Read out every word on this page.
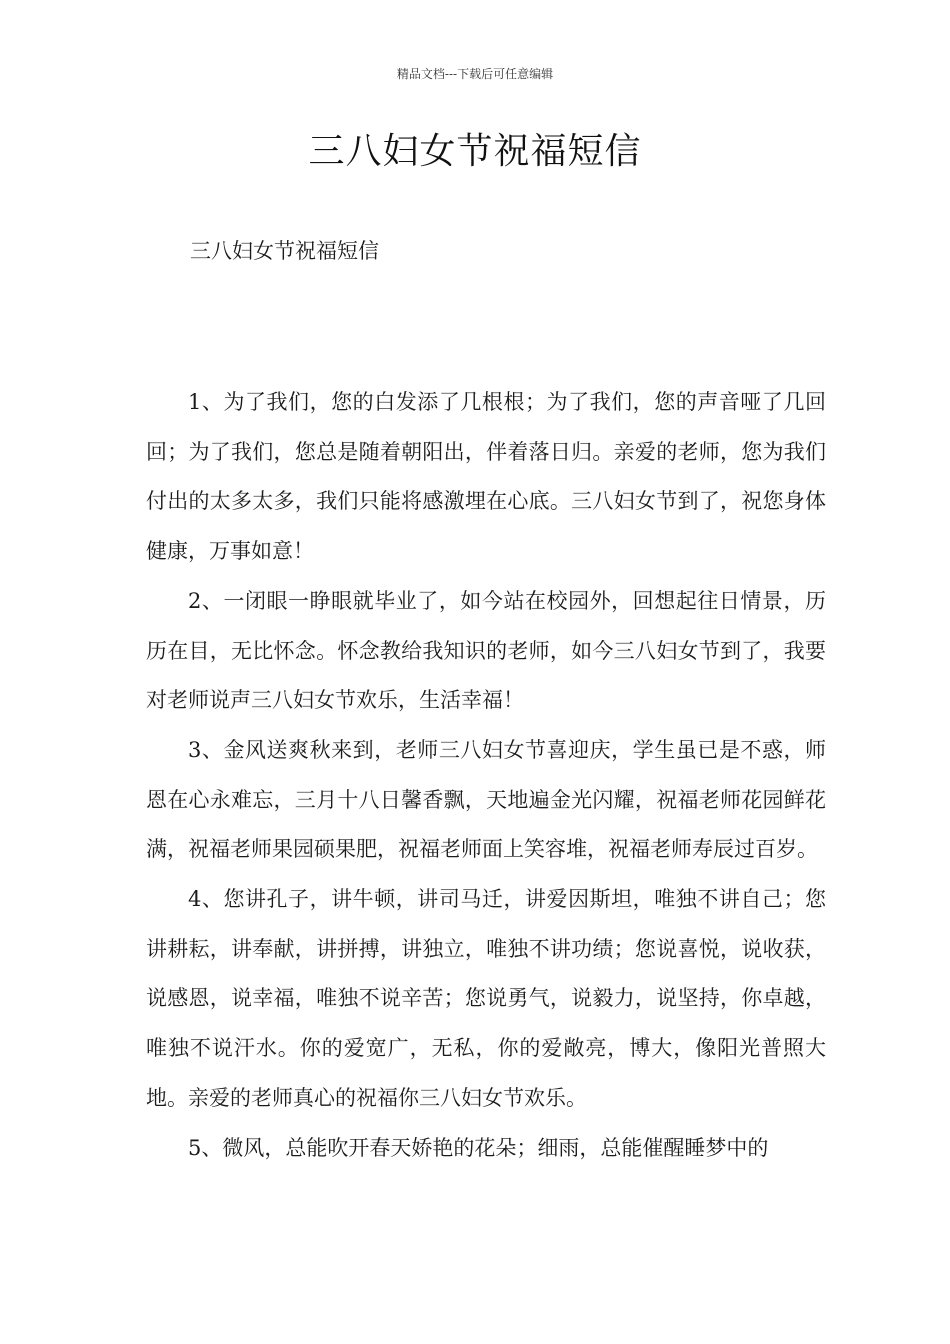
精品文档---下载后可任意编辑
三八妇女节祝福短信
三八妇女节祝福短信

1、为了我们，您的白发添了几根根；为了我们，您的声音哑了几回回；为了我们，您总是随着朝阳出，伴着落日归。亲爱的老师，您为我们付出的太多太多，我们只能将感激埋在心底。三八妇女节到了，祝您身体健康，万事如意！

2、一闭眼一睁眼就毕业了，如今站在校园外，回想起往日情景，历历在目，无比怀念。怀念教给我知识的老师，如今三八妇女节到了，我要对老师说声三八妇女节欢乐，生活幸福！

3、金风送爽秋来到，老师三八妇女节喜迎庆，学生虽已是不惑，师恩在心永难忘，三月十八日馨香飘，天地遍金光闪耀，祝福老师花园鲜花满，祝福老师果园硕果肥，祝福老师面上笑容堆，祝福老师寿辰过百岁。

4、您讲孔子，讲牛顿，讲司马迁，讲爱因斯坦，唯独不讲自己；您讲耕耘，讲奉献，讲拼搏，讲独立，唯独不讲功绩；您说喜悦，说收获，说感恩，说幸福，唯独不说辛苦；您说勇气，说毅力，说坚持，你卓越，唯独不说汗水。你的爱宽广，无私，你的爱敞亮，博大，像阳光普照大地。亲爱的老师真心的祝福你三八妇女节欢乐。

5、微风，总能吹开春天娇艳的花朵；细雨，总能催醒睡梦中的
